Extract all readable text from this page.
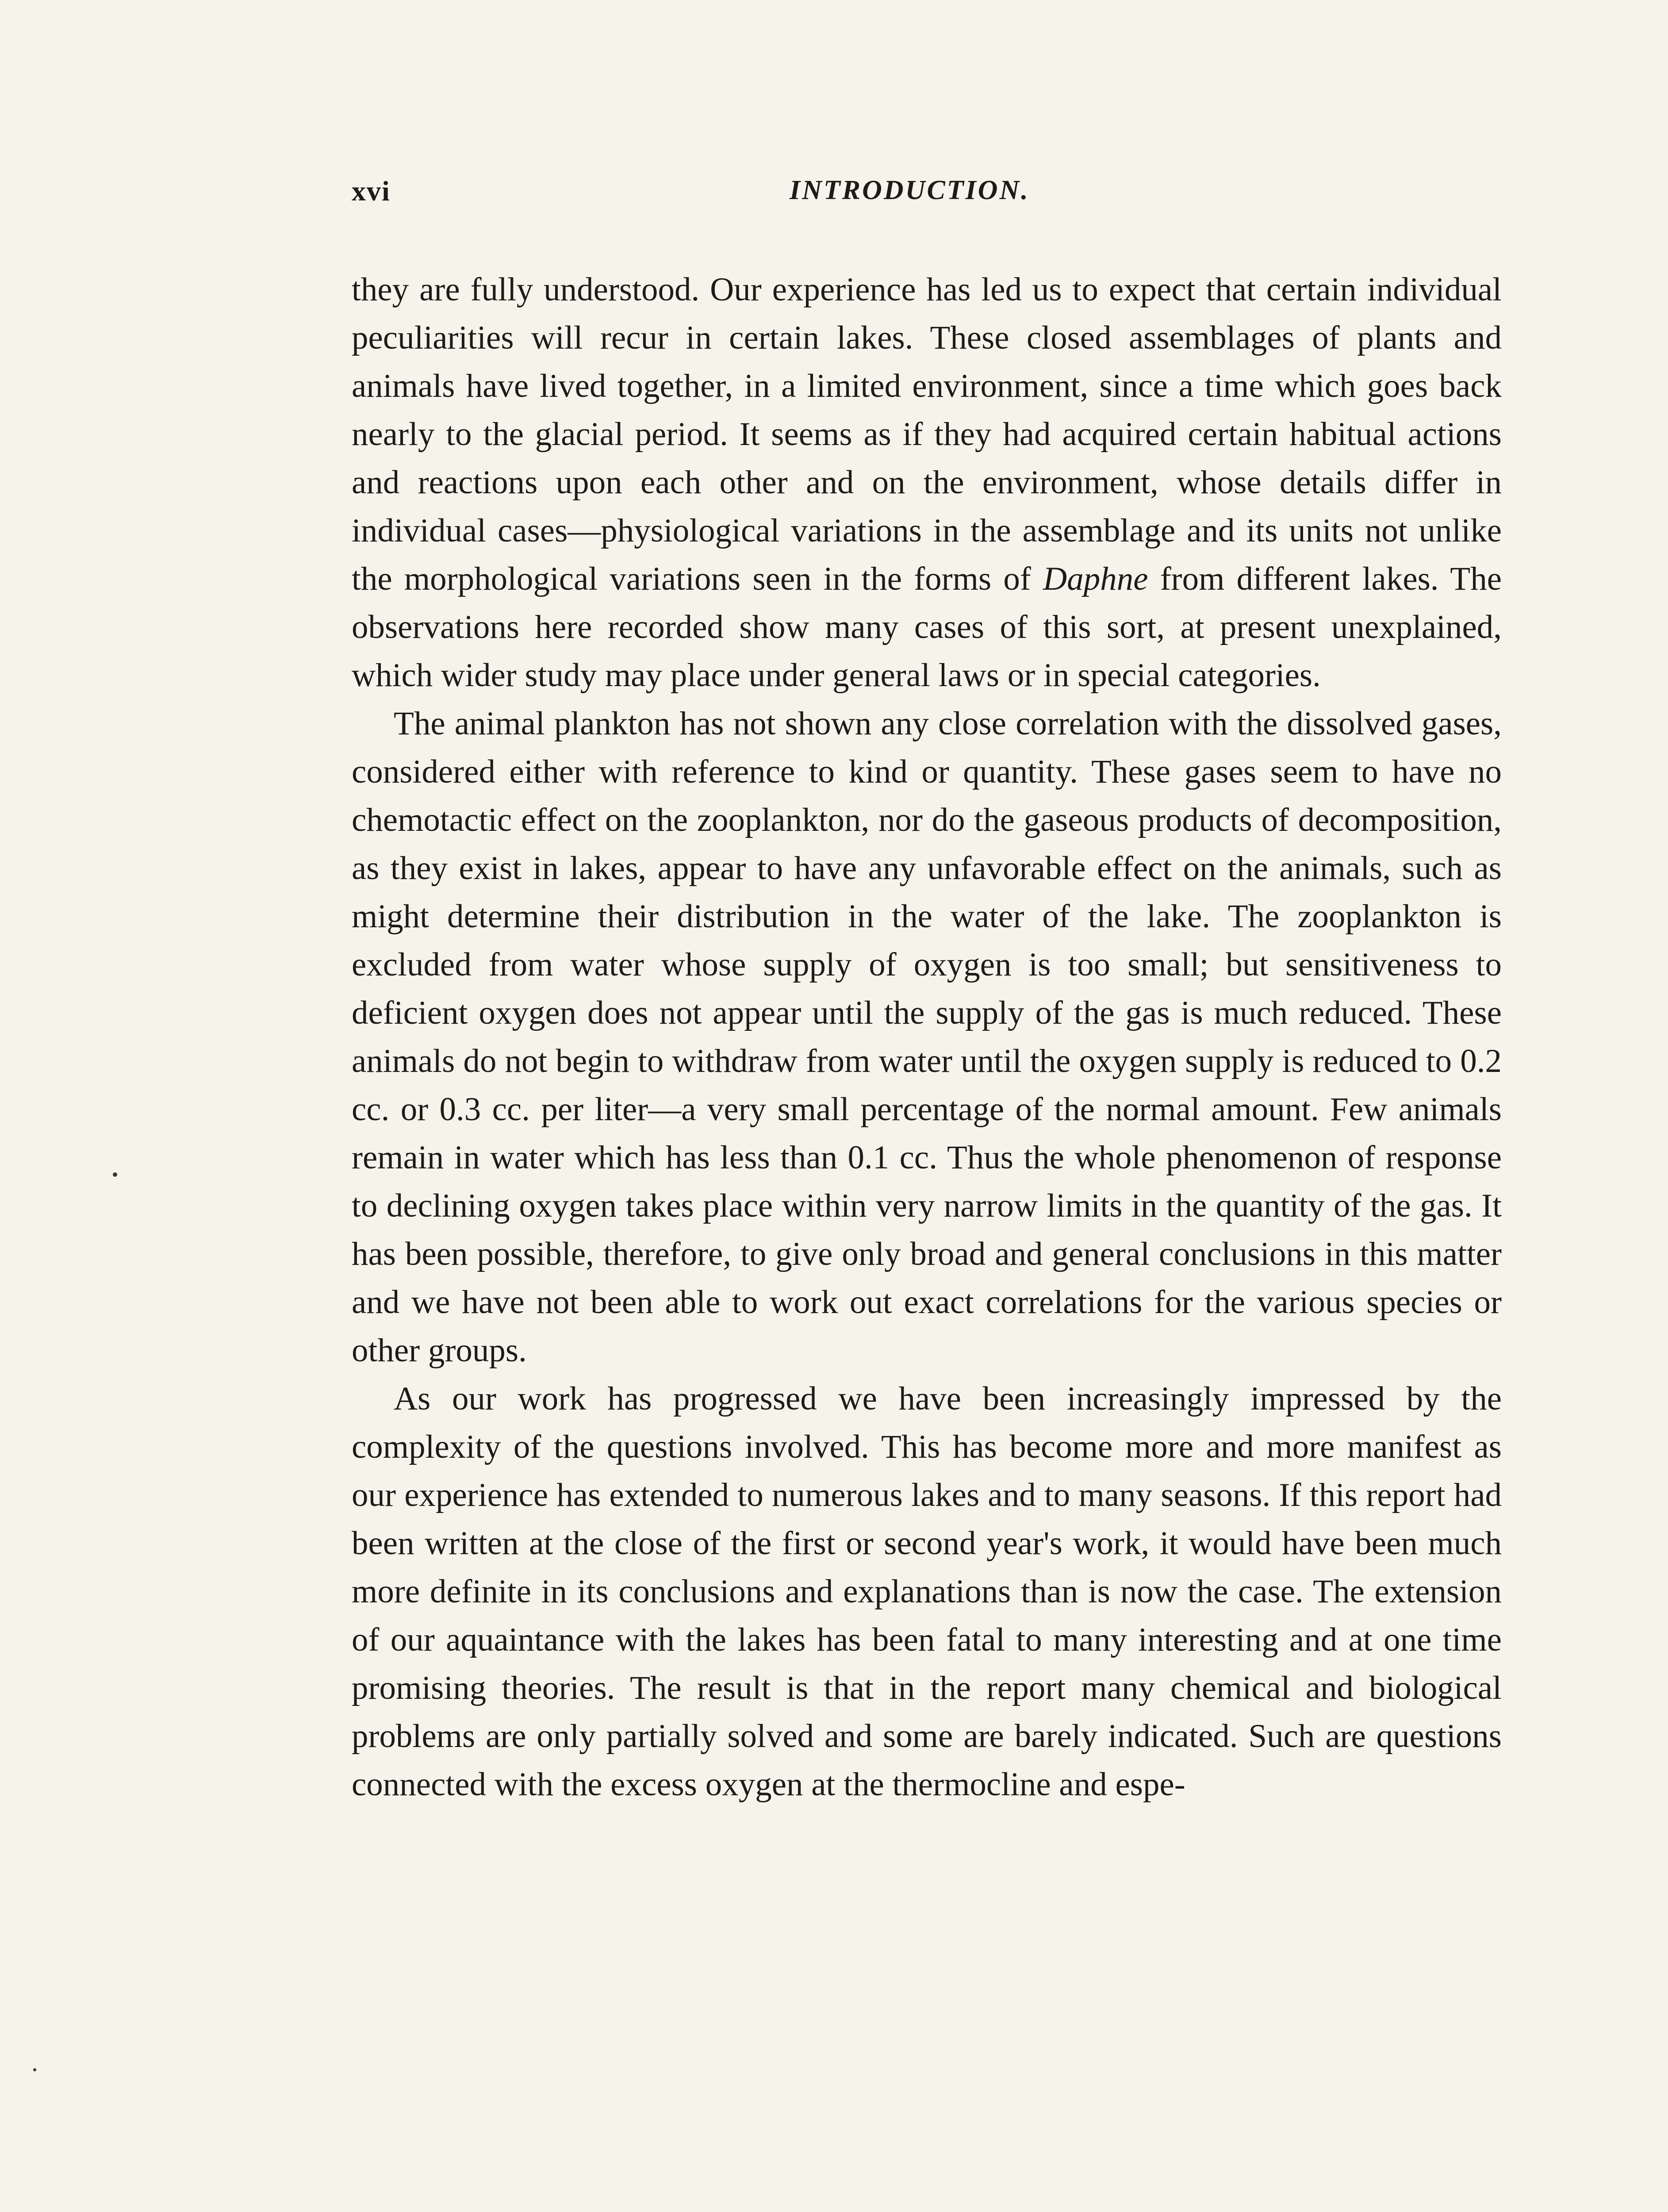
xvi	INTRODUCTION.

they are fully understood. Our experience has led us to expect that certain individual peculiarities will recur in certain lakes. These closed assemblages of plants and animals have lived together, in a limited environment, since a time which goes back nearly to the glacial period. It seems as if they had acquired certain habitual actions and reactions upon each other and on the environment, whose details differ in individual cases—physiological variations in the assemblage and its units not unlike the morphological variations seen in the forms of Daphne from different lakes. The observations here recorded show many cases of this sort, at present unexplained, which wider study may place under general laws or in special categories.

The animal plankton has not shown any close correlation with the dissolved gases, considered either with reference to kind or quantity. These gases seem to have no chemotactic effect on the zooplankton, nor do the gaseous products of decomposition, as they exist in lakes, appear to have any unfavorable effect on the animals, such as might determine their distribution in the water of the lake. The zooplankton is excluded from water whose supply of oxygen is too small; but sensitiveness to deficient oxygen does not appear until the supply of the gas is much reduced. These animals do not begin to withdraw from water until the oxygen supply is reduced to 0.2 cc. or 0.3 cc. per liter—a very small percentage of the normal amount. Few animals remain in water which has less than 0.1 cc. Thus the whole phenomenon of response to declining oxygen takes place within very narrow limits in the quantity of the gas. It has been possible, therefore, to give only broad and general conclusions in this matter and we have not been able to work out exact correlations for the various species or other groups.

As our work has progressed we have been increasingly impressed by the complexity of the questions involved. This has become more and more manifest as our experience has extended to numerous lakes and to many seasons. If this report had been written at the close of the first or second year's work, it would have been much more definite in its conclusions and explanations than is now the case. The extension of our aquaintance with the lakes has been fatal to many interesting and at one time promising theories. The result is that in the report many chemical and biological problems are only partially solved and some are barely indicated. Such are questions connected with the excess oxygen at the thermocline and espe-
